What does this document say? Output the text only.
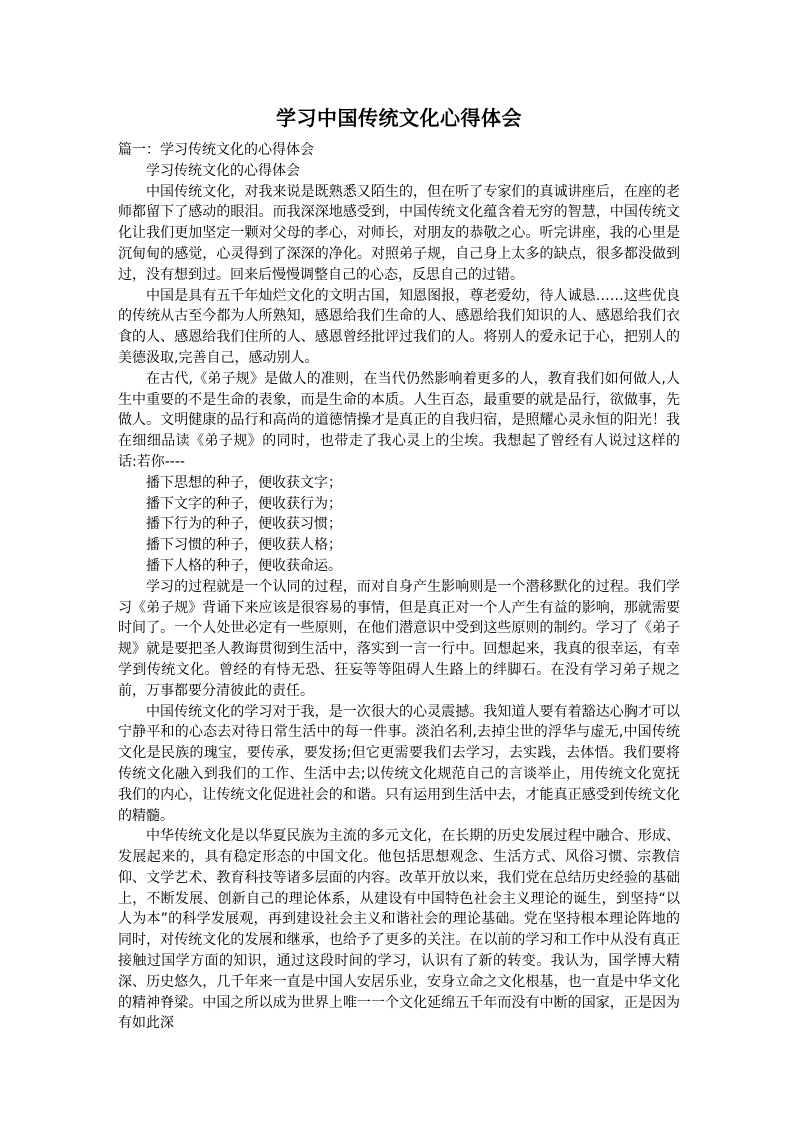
学习中国传统文化心得体会

篇一：学习传统文化的心得体会

学习传统文化的心得体会

中国传统文化，对我来说是既熟悉又陌生的，但在听了专家们的真诚讲座后，在座的老师都留下了感动的眼泪。而我深深地感受到，中国传统文化蕴含着无穷的智慧，中国传统文化让我们更加坚定一颗对父母的孝心，对师长，对朋友的恭敬之心。听完讲座，我的心里是沉甸甸的感觉，心灵得到了深深的净化。对照弟子规，自己身上太多的缺点，很多都没做到过，没有想到过。回来后慢慢调整自己的心态，反思自己的过错。

中国是具有五千年灿烂文化的文明古国，知恩图报，尊老爱幼，待人诚恳……这些优良的传统从古至今都为人所熟知，感恩给我们生命的人、感恩给我们知识的人、感恩给我们衣食的人、感恩给我们住所的人、感恩曾经批评过我们的人。将别人的爱永记于心，把别人的美德汲取,完善自己，感动别人。

在古代,《弟子规》是做人的准则，在当代仍然影响着更多的人，教育我们如何做人,人生中重要的不是生命的表象，而是生命的本质。人生百态，最重要的就是品行，欲做事，先做人。文明健康的品行和高尚的道德情操才是真正的自我归宿，是照耀心灵永恒的阳光！我在细细品读《弟子规》的同时，也带走了我心灵上的尘埃。我想起了曾经有人说过这样的话:若你----

播下思想的种子，便收获文字；

播下文字的种子，便收获行为；

播下行为的种子，便收获习惯；

播下习惯的种子，便收获人格；

播下人格的种子，便收获命运。

学习的过程就是一个认同的过程，而对自身产生影响则是一个潜移默化的过程。我们学习《弟子规》背诵下来应该是很容易的事情，但是真正对一个人产生有益的影响，那就需要时间了。一个人处世必定有一些原则，在他们潜意识中受到这些原则的制约。学习了《弟子规》就是要把圣人教诲贯彻到生活中，落实到一言一行中。回想起来，我真的很幸运，有幸学到传统文化。曾经的有恃无恐、狂妄等等阻碍人生路上的绊脚石。在没有学习弟子规之前，万事都要分清彼此的责任。

中国传统文化的学习对于我，是一次很大的心灵震撼。我知道人要有着豁达心胸才可以宁静平和的心态去对待日常生活中的每一件事。淡泊名利,去掉尘世的浮华与虚无,中国传统文化是民族的瑰宝，要传承，要发扬;但它更需要我们去学习，去实践，去体悟。我们要将传统文化融入到我们的工作、生活中去;以传统文化规范自己的言谈举止，用传统文化宽抚我们的内心，让传统文化促进社会的和谐。只有运用到生活中去，才能真正感受到传统文化的精髓。

中华传统文化是以华夏民族为主流的多元文化，在长期的历史发展过程中融合、形成、发展起来的，具有稳定形态的中国文化。他包括思想观念、生活方式、风俗习惯、宗教信仰、文学艺术、教育科技等诸多层面的内容。改革开放以来，我们党在总结历史经验的基础上，不断发展、创新自己的理论体系，从建设有中国特色社会主义理论的诞生，到坚持“以人为本”的科学发展观，再到建设社会主义和谐社会的理论基础。党在坚持根本理论阵地的同时，对传统文化的发展和继承，也给予了更多的关注。在以前的学习和工作中从没有真正接触过国学方面的知识，通过这段时间的学习，认识有了新的转变。我认为，国学博大精深、历史悠久，几千年来一直是中国人安居乐业，安身立命之文化根基，也一直是中华文化的精神脊梁。中国之所以成为世界上唯一一个文化延绵五千年而没有中断的国家，正是因为有如此深
